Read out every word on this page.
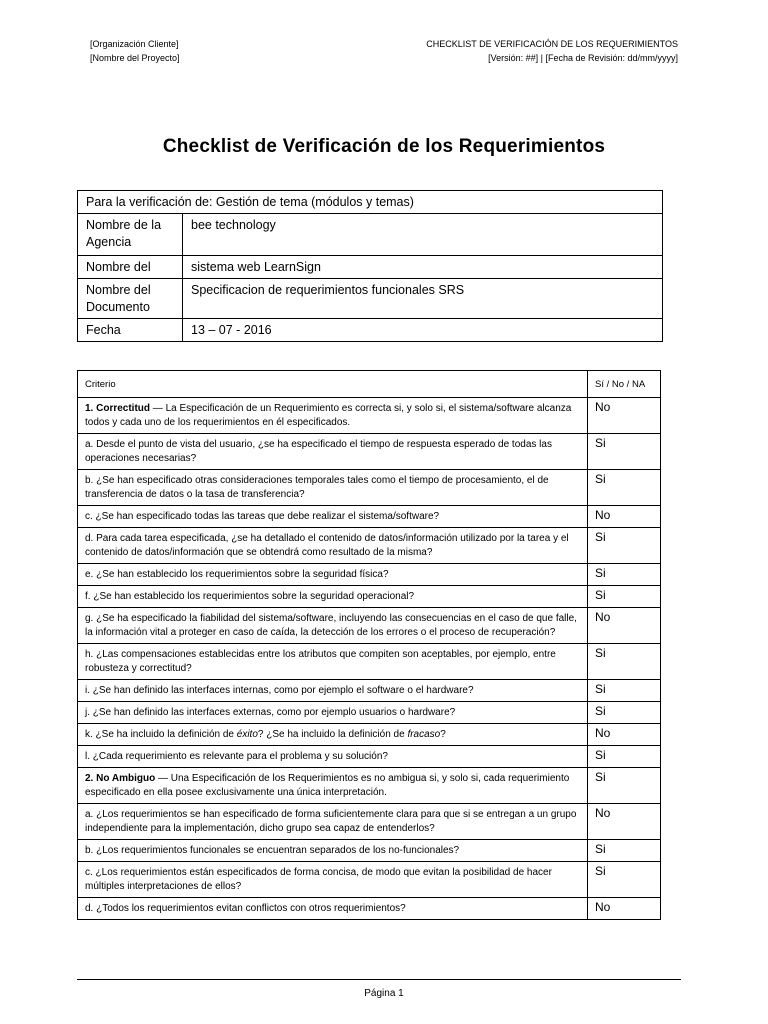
[Organización Cliente]
[Nombre del Proyecto]
CHECKLIST DE VERIFICACIÓN DE LOS REQUERIMIENTOS
[Versión: ##] | [Fecha de Revisión: dd/mm/yyyy]
Checklist de Verificación de los Requerimientos
Para la verificación de: Gestión de tema (módulos y temas)	
Nombre de la Agencia	bee technology
Nombre del	sistema web LearnSign
Nombre del Documento	Specificacion de requerimientos funcionales SRS
Fecha	13 – 07 - 2016
Criterio	Sí / No / NA
1. Correctitud — La Especificación de un Requerimiento es correcta si, y solo si, el sistema/software alcanza todos y cada uno de los requerimientos en él especificados.	No
a. Desde el punto de vista del usuario, ¿se ha especificado el tiempo de respuesta esperado de todas las operaciones necesarias?	Si
b. ¿Se han especificado otras consideraciones temporales tales como el tiempo de procesamiento, el de transferencia de datos o la tasa de transferencia?	Si
c. ¿Se han especificado todas las tareas que debe realizar el sistema/software?	No
d. Para cada tarea especificada, ¿se ha detallado el contenido de datos/información utilizado por la tarea y el contenido de datos/información que se obtendrá como resultado de la misma?	Si
e. ¿Se han establecido los requerimientos sobre la seguridad física?	Si
f. ¿Se han establecido los requerimientos sobre la seguridad operacional?	Si
g. ¿Se ha especificado la fiabilidad del sistema/software, incluyendo las consecuencias en el caso de que falle, la información vital a proteger en caso de caída, la detección de los errores o el proceso de recuperación?	No
h. ¿Las compensaciones establecidas entre los atributos que compiten son aceptables, por ejemplo, entre robusteza y correctitud?	Si
i. ¿Se han definido las interfaces internas, como por ejemplo el software o el hardware?	Si
j. ¿Se han definido las interfaces externas, como por ejemplo usuarios o hardware?	Si
k. ¿Se ha incluido la definición de éxito? ¿Se ha incluido la definición de fracaso?	No
l. ¿Cada requerimiento es relevante para el problema y su solución?	Si
2. No Ambiguo — Una Especificación de los Requerimientos es no ambigua si, y solo si, cada requerimiento especificado en ella posee exclusivamente una única interpretación.	Si
a. ¿Los requerimientos se han especificado de forma suficientemente clara para que si se entregan a un grupo independiente para la implementación, dicho grupo sea capaz de entenderlos?	No
b. ¿Los requerimientos funcionales se encuentran separados de los no-funcionales?	Si
c. ¿Los requerimientos están especificados de forma concisa, de modo que evitan la posibilidad de hacer múltiples interpretaciones de ellos?	Si
d. ¿Todos los requerimientos evitan conflictos con otros requerimientos?	No
Página 1
